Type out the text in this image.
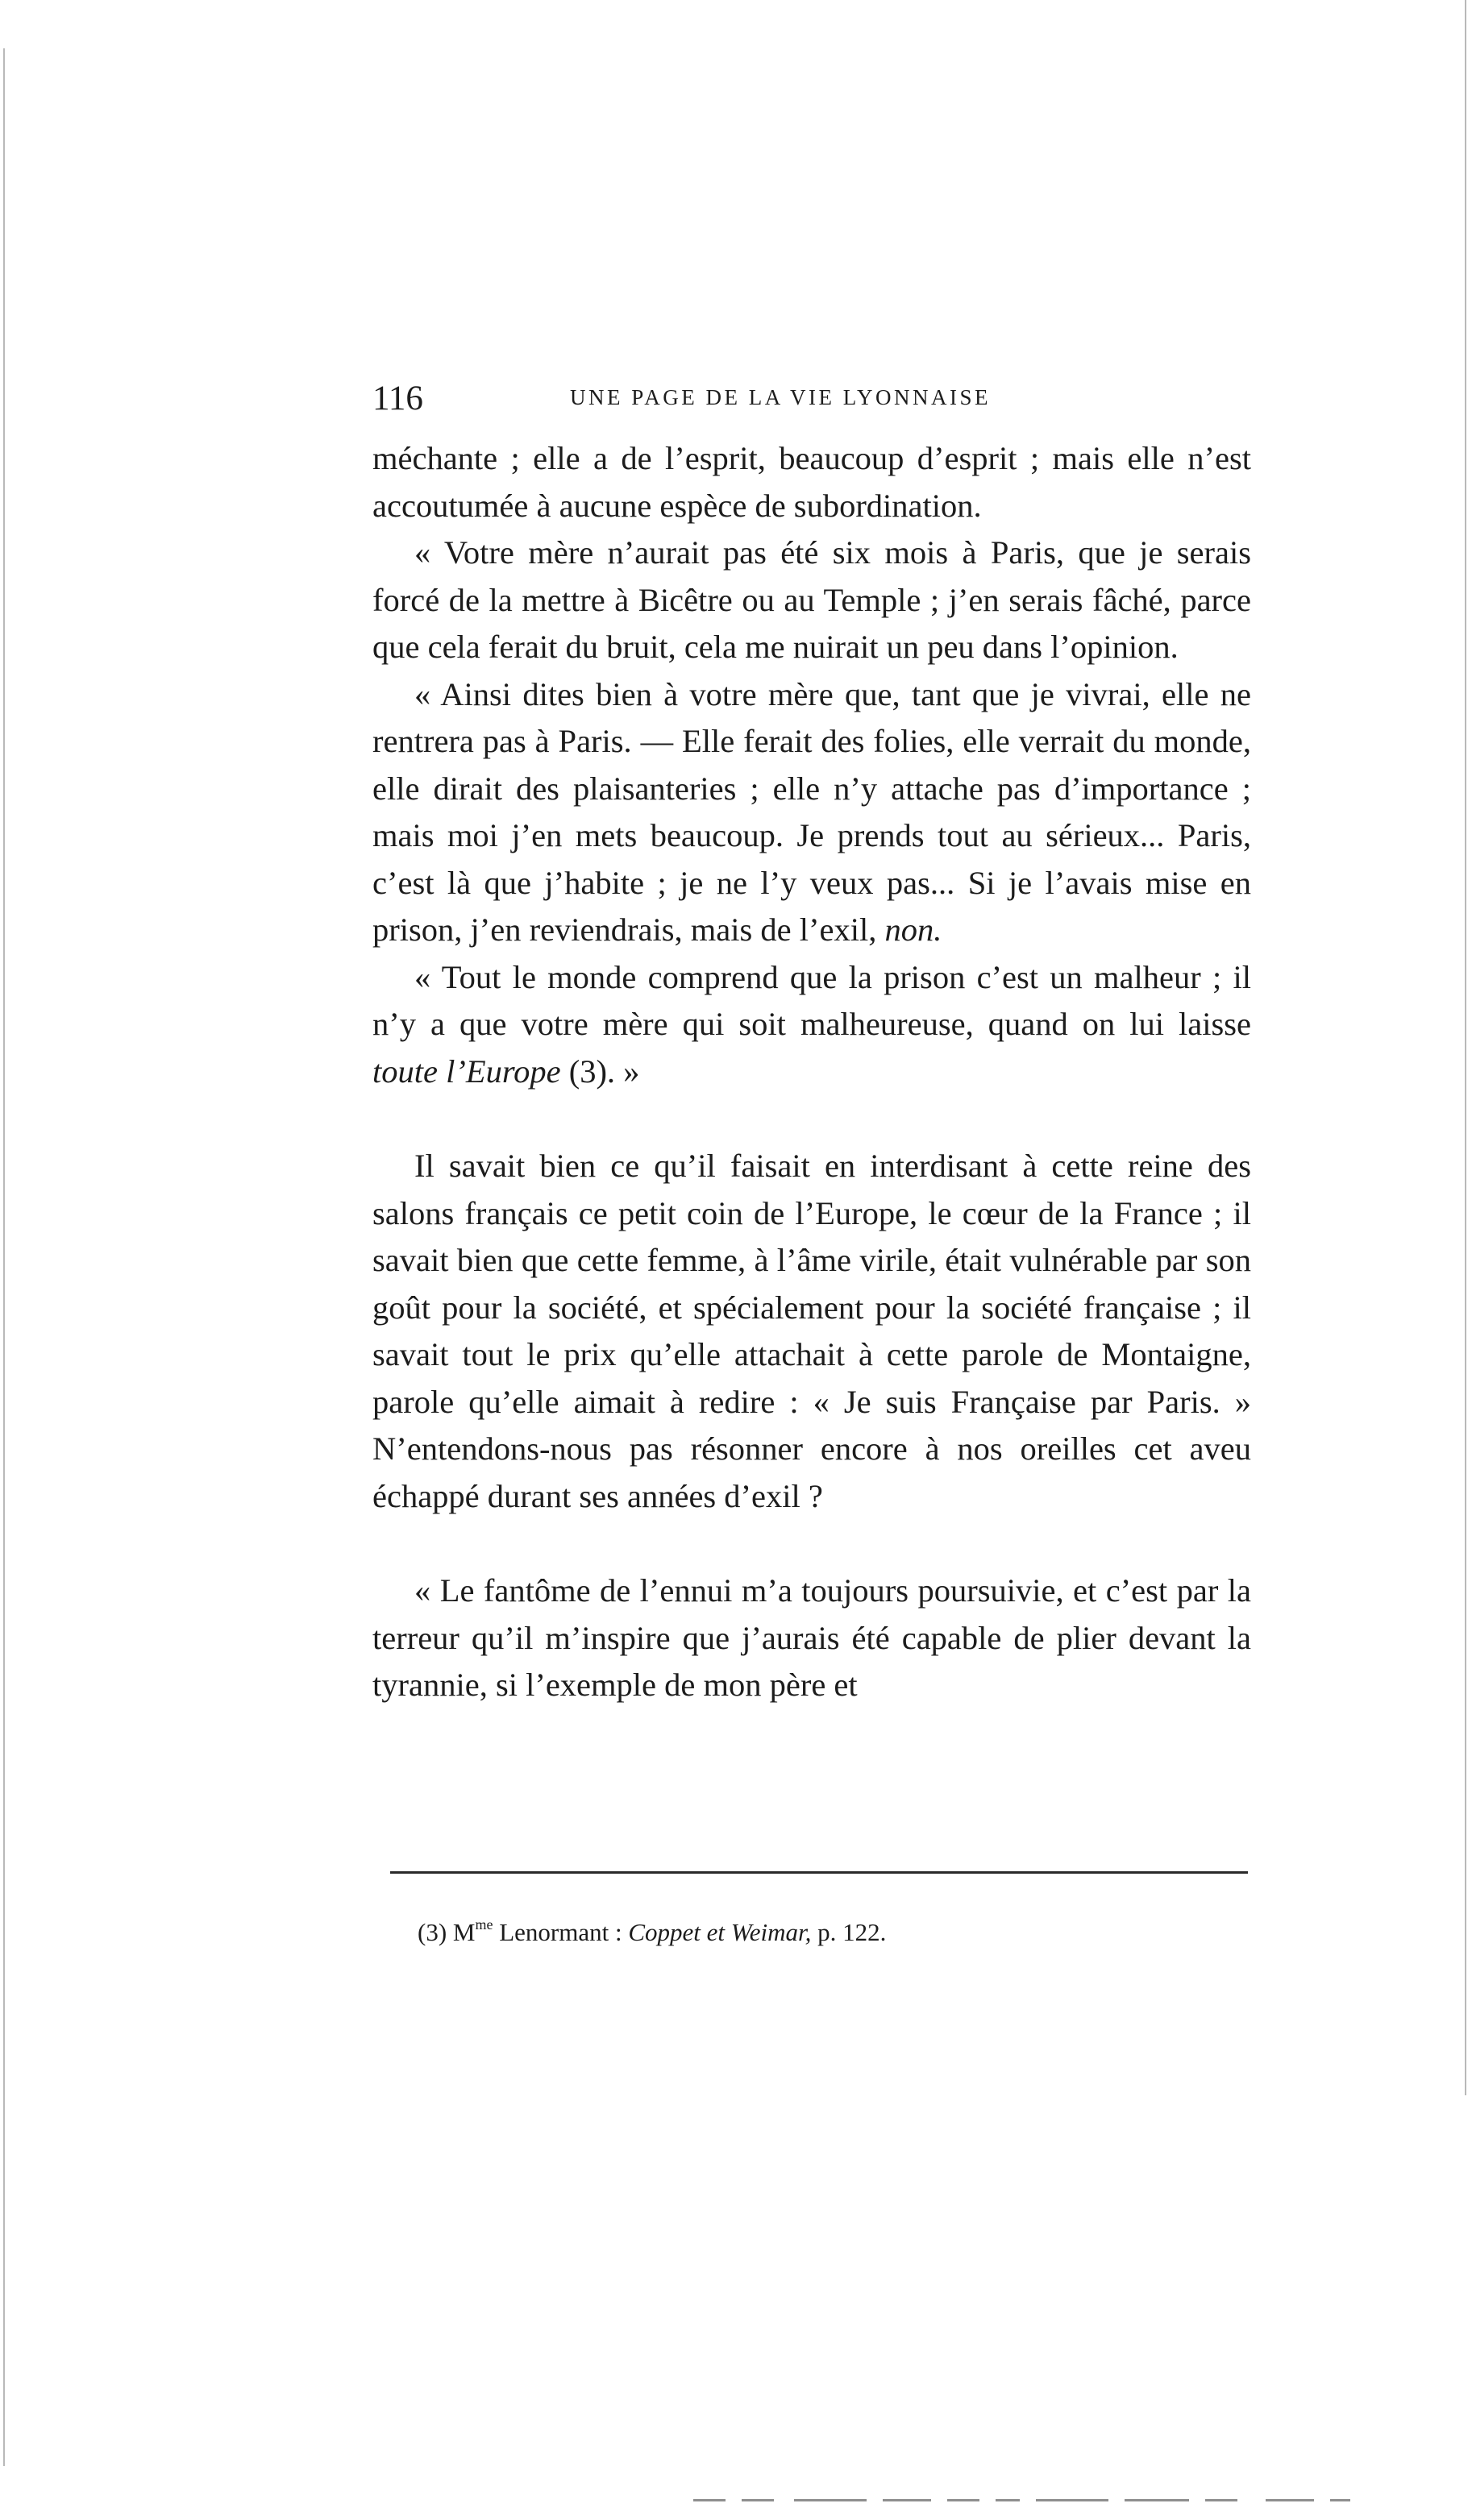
116	UNE PAGE DE LA VIE LYONNAISE

méchante ; elle a de l’esprit, beaucoup d’esprit ; mais elle n’est accoutumée à aucune espèce de subordination.

« Votre mère n’aurait pas été six mois à Paris, que je serais forcé de la mettre à Bicêtre ou au Temple ; j’en serais fâché, parce que cela ferait du bruit, cela me nuirait un peu dans l’opinion.

« Ainsi dites bien à votre mère que, tant que je vivrai, elle ne rentrera pas à Paris. — Elle ferait des folies, elle verrait du monde, elle dirait des plaisanteries ; elle n’y attache pas d’importance ; mais moi j’en mets beaucoup. Je prends tout au sérieux... Paris, c’est là que j’habite ; je ne l’y veux pas... Si je l’avais mise en prison, j’en reviendrais, mais de l’exil, non.

« Tout le monde comprend que la prison c’est un malheur ; il n’y a que votre mère qui soit malheureuse, quand on lui laisse toute l’Europe (3). »

Il savait bien ce qu’il faisait en interdisant à cette reine des salons français ce petit coin de l’Europe, le cœur de la France ; il savait bien que cette femme, à l’âme virile, était vulnérable par son goût pour la société, et spécialement pour la société française ; il savait tout le prix qu’elle attachait à cette parole de Montaigne, parole qu’elle aimait à redire : « Je suis Française par Paris. » N’entendons-nous pas résonner encore à nos oreilles cet aveu échappé durant ses années d’exil ?

« Le fantôme de l’ennui m’a toujours poursuivie, et c’est par la terreur qu’il m’inspire que j’aurais été capable de plier devant la tyrannie, si l’exemple de mon père et

(3) $M^{me}$ Lenormant : Coppet et Weimar, p. 122.
